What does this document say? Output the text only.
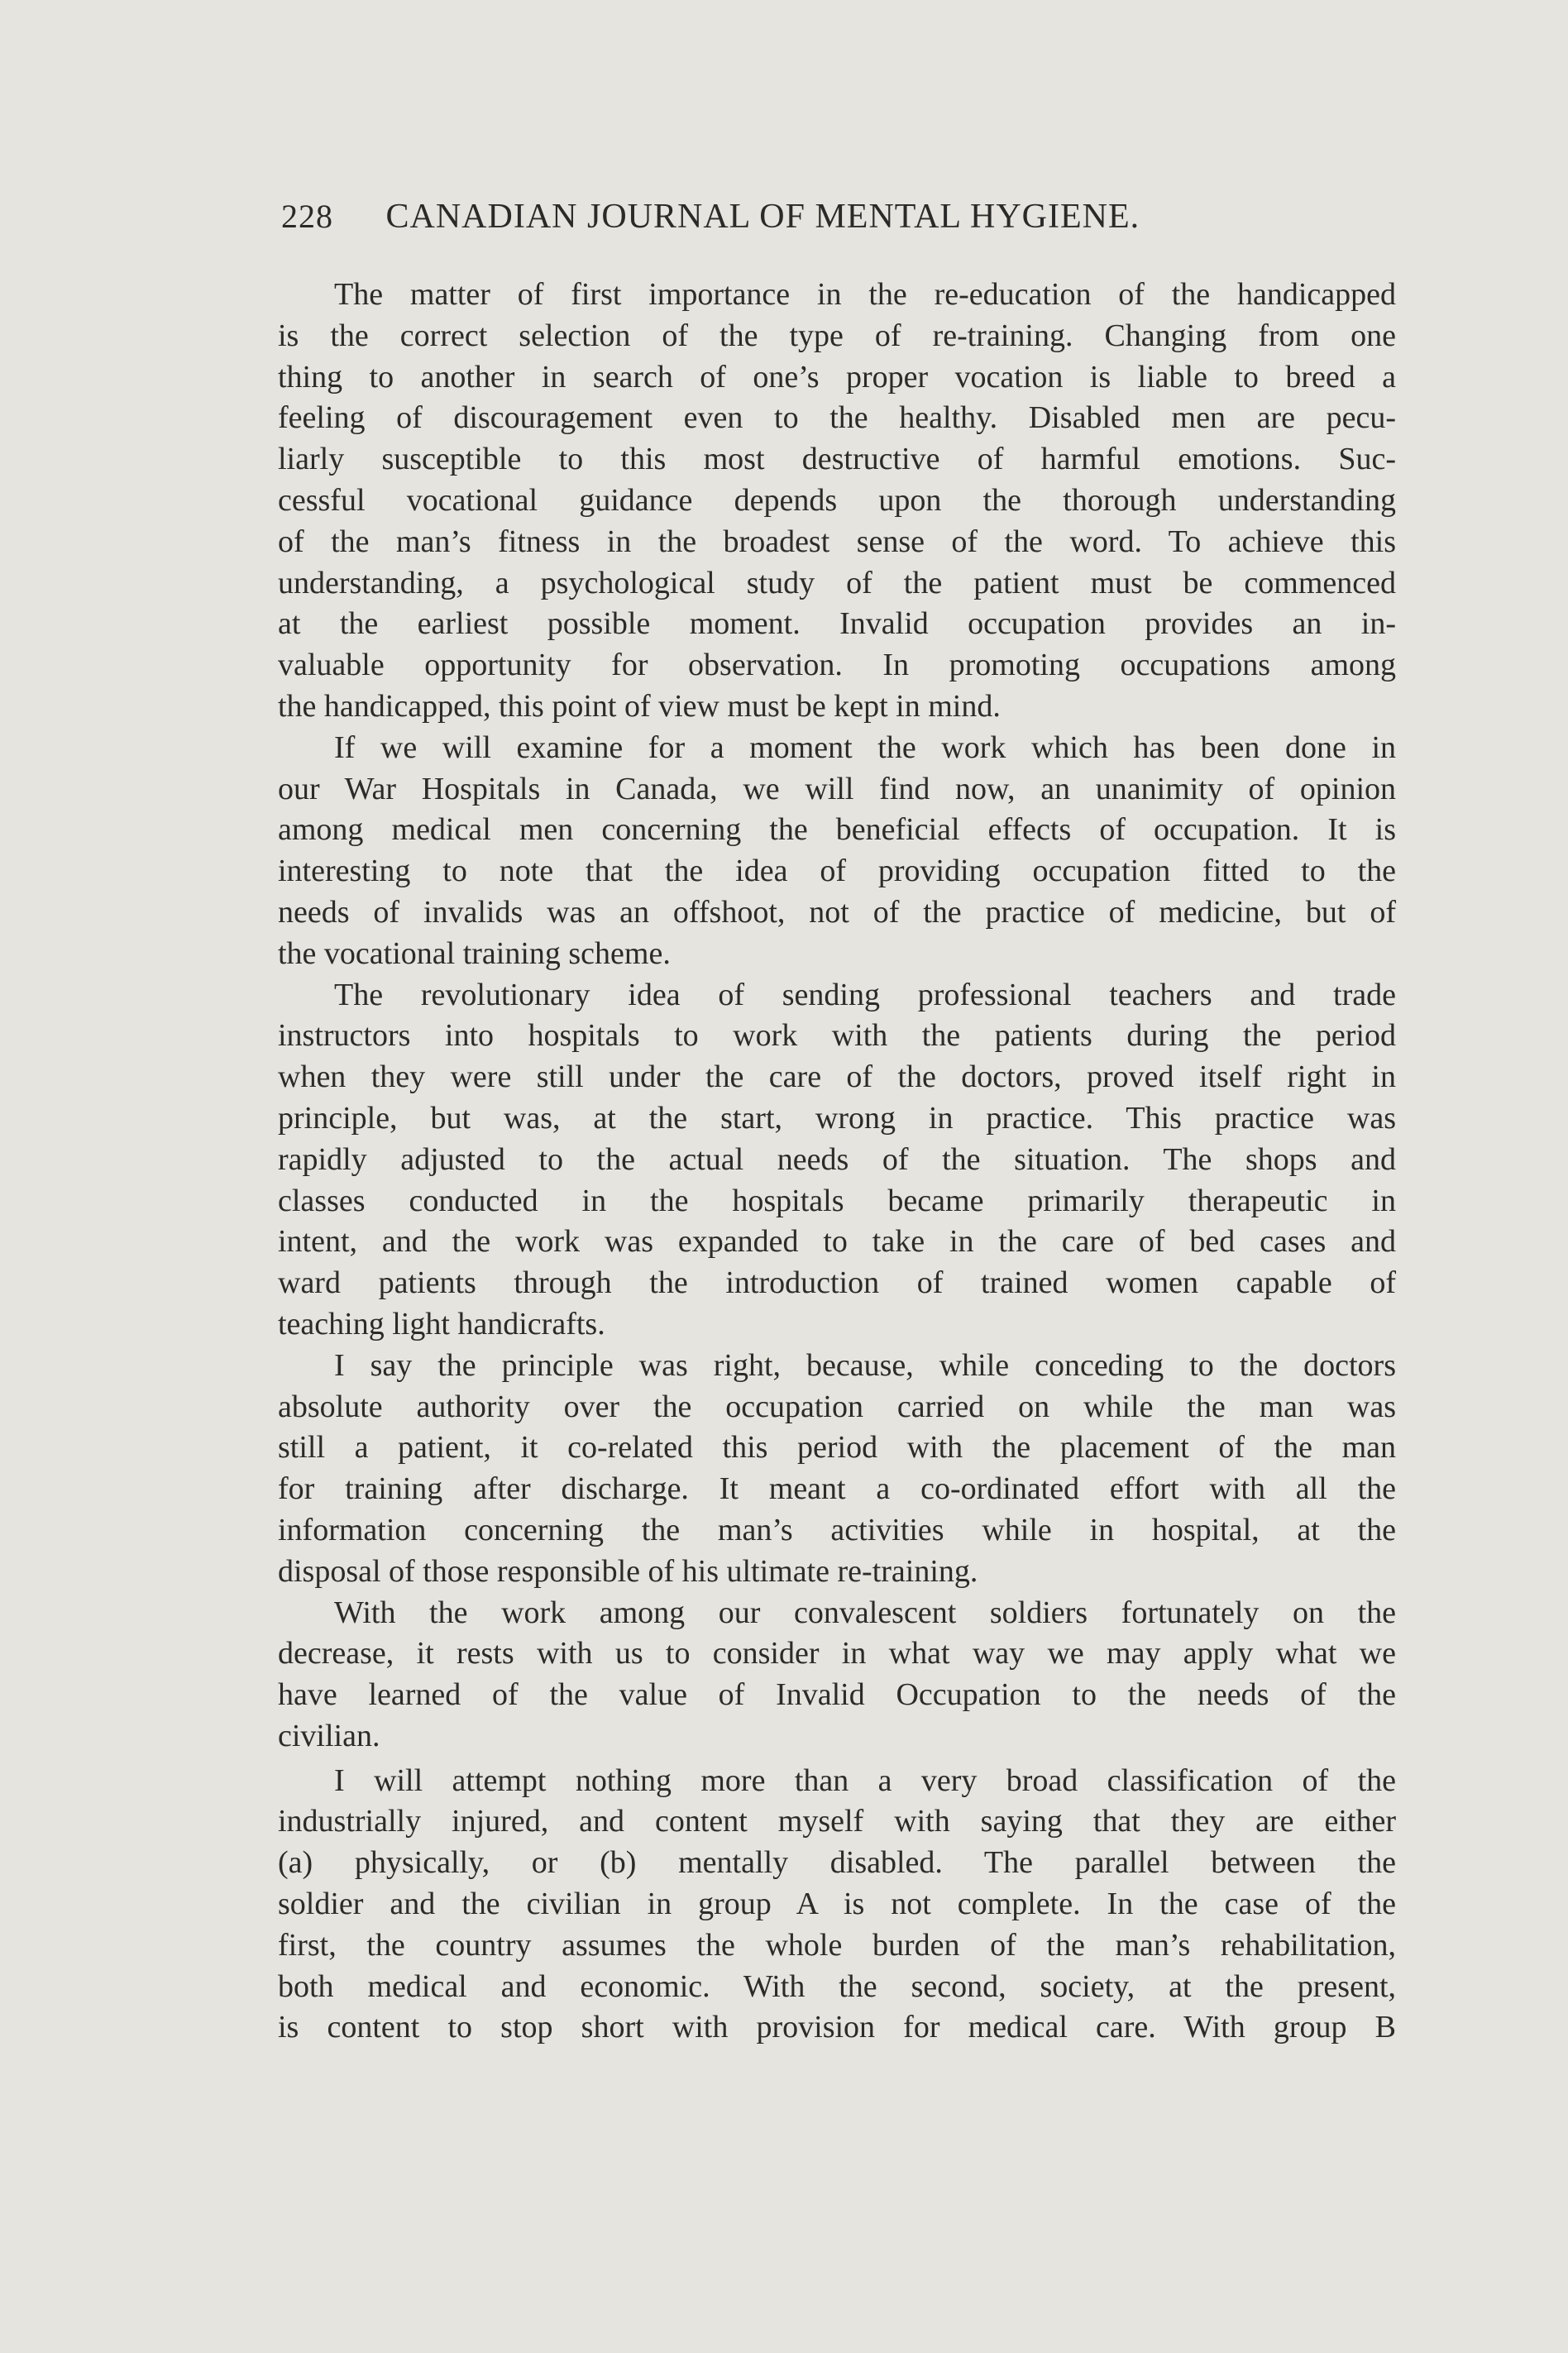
228 CANADIAN JOURNAL OF MENTAL HYGIENE.
The matter of first importance in the re-education of the handicapped
is the correct selection of the type of re-training. Changing from one
thing to another in search of one’s proper vocation is liable to breed a
feeling of discouragement even to the healthy. Disabled men are pecu-
liarly susceptible to this most destructive of harmful emotions. Suc-
cessful vocational guidance depends upon the thorough understanding
of the man’s fitness in the broadest sense of the word. To achieve this
understanding, a psychological study of the patient must be commenced
at the earliest possible moment. Invalid occupation provides an in-
valuable opportunity for observation. In promoting occupations among
the handicapped, this point of view must be kept in mind.
If we will examine for a moment the work which has been done in
our War Hospitals in Canada, we will find now, an unanimity of opinion
among medical men concerning the beneficial effects of occupation. It is
interesting to note that the idea of providing occupation fitted to the
needs of invalids was an offshoot, not of the practice of medicine, but of
the vocational training scheme.
The revolutionary idea of sending professional teachers and trade
instructors into hospitals to work with the patients during the period
when they were still under the care of the doctors, proved itself right in
principle, but was, at the start, wrong in practice. This practice was
rapidly adjusted to the actual needs of the situation. The shops and
classes conducted in the hospitals became primarily therapeutic in
intent, and the work was expanded to take in the care of bed cases and
ward patients through the introduction of trained women capable of
teaching light handicrafts.
I say the principle was right, because, while conceding to the doctors
absolute authority over the occupation carried on while the man was
still a patient, it co-related this period with the placement of the man
for training after discharge. It meant a co-ordinated effort with all the
information concerning the man’s activities while in hospital, at the
disposal of those responsible of his ultimate re-training.
With the work among our convalescent soldiers fortunately on the
decrease, it rests with us to consider in what way we may apply what we
have learned of the value of Invalid Occupation to the needs of the
civilian.
I will attempt nothing more than a very broad classification of the
industrially injured, and content myself with saying that they are either
(a) physically, or (b) mentally disabled. The parallel between the
soldier and the civilian in group A is not complete. In the case of the
first, the country assumes the whole burden of the man’s rehabilitation,
both medical and economic. With the second, society, at the present,
is content to stop short with provision for medical care. With group B
